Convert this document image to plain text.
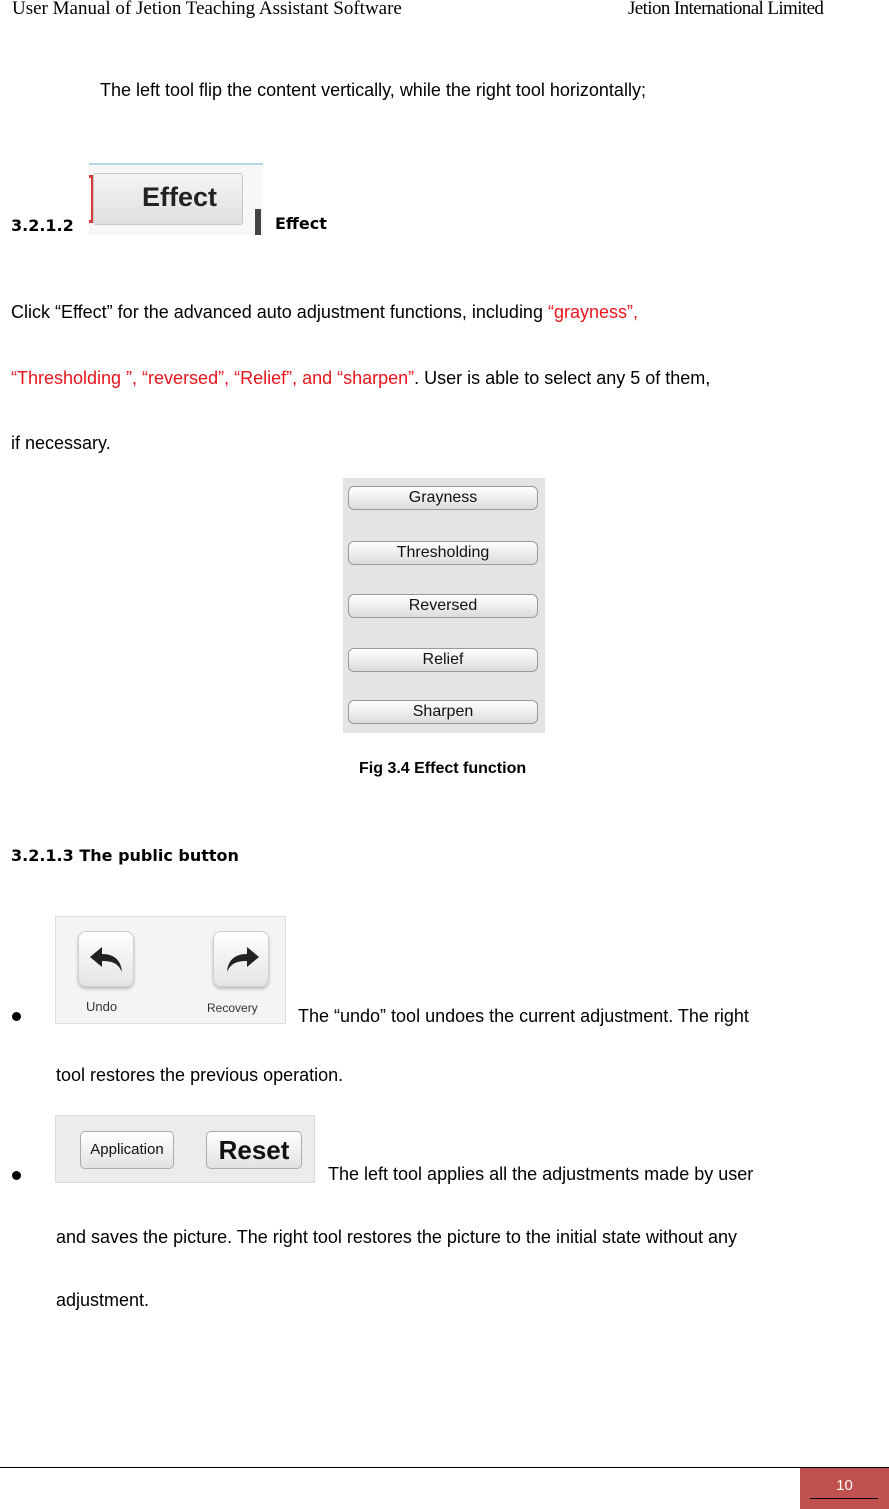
User Manual of Jetion Teaching Assistant Software	Jetion International Limited
The left tool flip the content vertically, while the right tool horizontally;
3.2.1.2
Effect
Effect
Click “Effect” for the advanced auto adjustment functions, including “grayness”,
“Thresholding ”, “reversed”, “Relief”, and “sharpen”. User is able to select any 5 of them,
if necessary.
Grayness
Thresholding
Reversed
Relief
Sharpen
Fig 3.4 Effect function
3.2.1.3 The public button
Undo	Recovery The “undo” tool undoes the current adjustment. The right
tool restores the previous operation.
Application	Reset
The left tool applies all the adjustments made by user
and saves the picture. The right tool restores the picture to the initial state without any
adjustment.
10
